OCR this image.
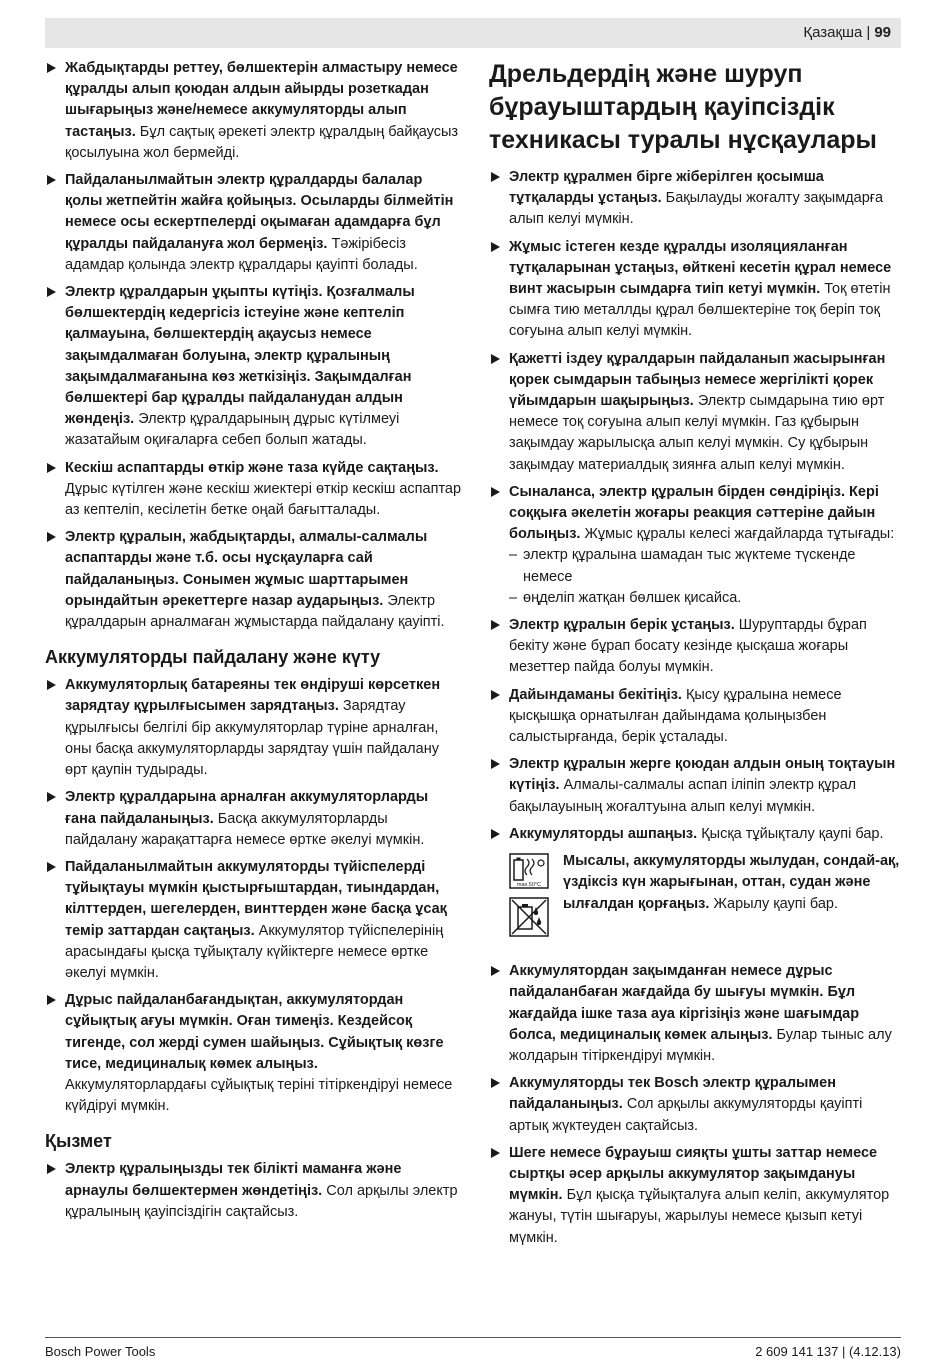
Қазақша | 99
Жабдықтарды реттеу, бөлшектерін алмастыру немесе құралды алып қоюдан алдын айырды розеткадан шығарыңыз және/немесе аккумуляторды алып тастаңыз. Бұл сақтық әрекеті электр құралдың байқаусыз қосылуына жол бермейді.
Пайдаланылмайтын электр құралдарды балалар қолы жетпейтін жайға қойыңыз. Осыларды білмейтін немесе осы ескертпелерді оқымаған адамдарға бұл құралды пайдалануға жол бермеңіз. Тәжірібесіз адамдар қолында электр құралдары қауіпті болады.
Электр құралдарын ұқыпты күтіңіз. Қозғалмалы бөлшектердің кедергісіз істеуіне және кептеліп қалмауына, бөлшектердің ақаусыз немесе зақымдалмаған болуына, электр құралының зақымдалмағанына көз жеткізіңіз. Зақымдалған бөлшектері бар құралды пайдаланудан алдын жөндеңіз. Электр құралдарының дұрыс күтілмеуі жазатайым оқиғаларға себеп болып жатады.
Кескіш аспаптарды өткір және таза күйде сақтаңыз. Дұрыс күтілген және кескіш жиектері өткір кескіш аспаптар аз кептеліп, кесілетін бетке оңай бағытталады.
Электр құралын, жабдықтарды, алмалы-салмалы аспаптарды және т.б. осы нұсқауларға сай пайдаланыңыз. Сонымен жұмыс шарттарымен орындайтын әрекеттерге назар аударыңыз. Электр құралдарын арналмаған жұмыстарда пайдалану қауіпті.
Аккумуляторды пайдалану және күту
Аккумуляторлық батареяны тек өндіруші көрсеткен зарядтау құрылғысымен зарядтаңыз. Зарядтау құрылғысы белгілі бір аккумуляторлар түріне арналған, оны басқа аккумуляторларды зарядтау үшін пайдалану өрт қаупін тудырады.
Электр құралдарына арналған аккумуляторларды ғана пайдаланыңыз. Басқа аккумуляторларды пайдалану жарақаттарға немесе өртке әкелуі мүмкін.
Пайдаланылмайтын аккумуляторды түйіспелерді тұйықтауы мүмкін қыстырғыштардан, тиындардан, кілттерден, шегелерден, винттерден және басқа ұсақ темір заттардан сақтаңыз. Аккумулятор түйіспелерінің арасындағы қысқа тұйықталу күйіктерге немесе өртке әкелуі мүмкін.
Дұрыс пайдаланбағандықтан, аккумулятордан сұйықтық ағуы мүмкін. Оған тимеңіз. Кездейсоқ тигенде, сол жерді сумен шайыңыз. Сұйықтық көзге тисе, медициналық көмек алыңыз. Аккумуляторлардағы сұйықтық теріні тітіркендіруі немесе күйдіруі мүмкін.
Қызмет
Электр құралыңызды тек білікті маманға және арнаулы бөлшектермен жөндетіңіз. Сол арқылы электр құралының қауіпсіздігін сақтайсыз.
Дрельдердің және шуруп бұрауыштардың қауіпсіздік техникасы туралы нұсқаулары
Электр құралмен бірге жіберілген қосымша тұтқаларды ұстаңыз. Бақылауды жоғалту зақымдарға алып келуі мүмкін.
Жұмыс істеген кезде құралды изоляцияланған тұтқаларынан ұстаңыз, өйткені кесетін құрал немесе винт жасырын сымдарға тиіп кетуі мүмкін. Тоқ өтетін сымға тию металлды құрал бөлшектеріне тоқ беріп тоқ соғуына алып келуі мүмкін.
Қажетті іздеу құралдарын пайдаланып жасырынған қорек сымдарын табыңыз немесе жергілікті қорек үйымдарын шақырыңыз. Электр сымдарына тию өрт немесе тоқ соғуына алып келуі мүмкін. Газ құбырын зақымдау жарылысқа алып келуі мүмкін. Су құбырын зақымдау материалдық зиянға алып келуі мүмкін.
Сыналанса, электр құралын бірден сөндіріңіз. Кері соққыға әкелетін жоғары реакция сәттеріне дайын болыңыз. Жұмыс құралы келесі жағдайларда тұтығады:
– электр құралына шамадан тыс жүктеме түскенде немесе
– өңделіп жатқан бөлшек қисайса.
Электр құралын берік ұстаңыз. Шуруптарды бұрап бекіту және бұрап босату кезінде қысқаша жоғары мезеттер пайда болуы мүмкін.
Дайындаманы бекітіңіз. Қысу құралына немесе қысқышқа орнатылған дайындама қолыңызбен салыстырғанда, берік ұсталады.
Электр құралын жерге қоюдан алдын оның тоқтауын күтіңіз. Алмалы-салмалы аспап іліпіп электр құрал бақылауының жоғалтуына алып келуі мүмкін.
Аккумуляторды ашпаңыз. Қысқа тұйықталу қаупі бар.
max.50°C
Мысалы, аккумуляторды жылудан, сондай-ақ, үздіксіз күн жарығынан, оттан, судан және ылғалдан қорғаңыз. Жарылу қаупі бар.
Аккумулятордан зақымданған немесе дұрыс пайдаланбаған жағдайда бу шығуы мүмкін. Бұл жағдайда ішке таза ауа кіргізіңіз және шағымдар болса, медициналық көмек алыңыз. Булар тыныс алу жолдарын тітіркендіруі мүмкін.
Аккумуляторды тек Bosch электр құралымен пайдаланыңыз. Сол арқылы аккумуляторды қауіпті артық жүктеуден сақтайсыз.
Шеге немесе бұрауыш сияқты ұшты заттар немесе сыртқы әсер арқылы аккумулятор зақымдануы мүмкін. Бұл қысқа тұйықталуға алып келіп, аккумулятор жануы, түтін шығаруы, жарылуы немесе қызып кетуі мүмкін.
Bosch Power Tools	2 609 141 137 | (4.12.13)
